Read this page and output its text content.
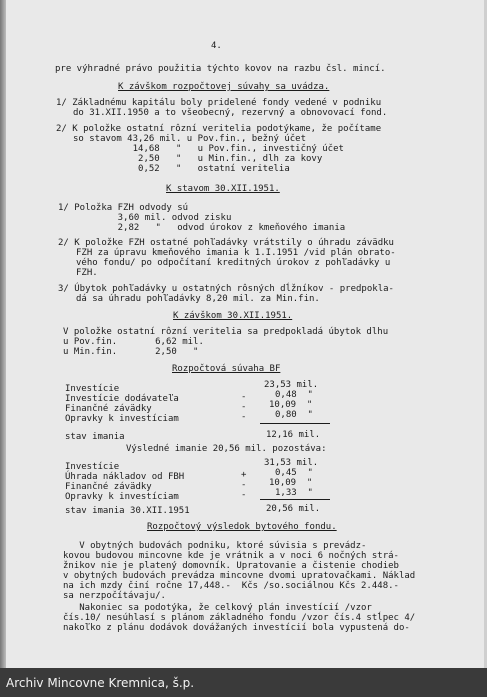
4.
pre výhradné právo použitia týchto kovov na razbu čsl. mincí.
K závškom rozpočtovej súvahy sa uvádza.
1/ Základnému kapitálu boly pridelené fondy vedené v podniku
do 31.XII.1950 a to všeobecný, rezervný a obnovovací fond.
2/ K položke ostatní rôzní veritelia podotýkame, že počítame
so stavom 43,26 mil. u Pov.fin., bežný účet
14,68   "   u Pov.fin., investičný účet
2,50   "   u Min.fin., dlh za kovy
0,52   "   ostatní veritelia
K stavom 30.XII.1951.
1/ Položka FZH odvody sú
3,60 mil. odvod zisku
2,82   "   odvod úrokov z kmeňového imania
2/ K položke FZH ostatné pohľadávky vrátstily o úhradu závädku
FZH za úpravu kmeňového imania k 1.I.1951 /vid plán obrato-
vého fondu/ po odpočítaní kreditných úrokov z pohľadávky u
FZH.
3/ Úbytok pohľadávky u ostatných rôsných dĺžníkov - predpokla-
dá sa úhradu pohľadávky 8,20 mil. za Min.fin.
K závškom 30.XII.1951.
V položke ostatní rôzní veritelia sa predpokladá úbytok dlhu
u Pov.fin.       6,62 mil.
u Min.fin.       2,50   "
Rozpočtová súvaha BF
Investície	23,53 mil.
Investície dodávateľa	-	0,48  "
Finančné závädky	-	10,09  "
Opravky k investíciam	-	0,80  "
stav imania	12,16 mil.
Výsledné imanie 20,56 mil. pozostáva:
Investície	31,53 mil.
Úhrada nákladov od FBH	+	0,45  "
Finančné závädky	-	10,09  "
Opravky k investíciam	-	1,33  "
stav imania 30.XII.1951	20,56 mil.
Rozpočtový výsledok bytového fondu.
V obytných budovách podniku, ktoré súvisia s prevádz-
kovou budovou mincovne kde je vrátnik a v noci 6 nočných strá-
žnikov nie je platený domovník. Upratovanie a čistenie chodieb
v obytných budovách prevádza mincovne dvomi upratovačkami. Náklad
na ich mzdy činí ročne 17,448.-  Kčs /so.sociálnou Kčs 2.448.-
sa nerzpočítávaju/.
Nakoniec sa podotýka, že celkový plán investícií /vzor
čís.10/ nesúhlasí s plánom základného fondu /vzor čís.4 stĺpec 4/
nakoľko z plánu dodávok dovážaných investícií bola vypustená do-
Archiv Mincovne Kremnica, š.p.
